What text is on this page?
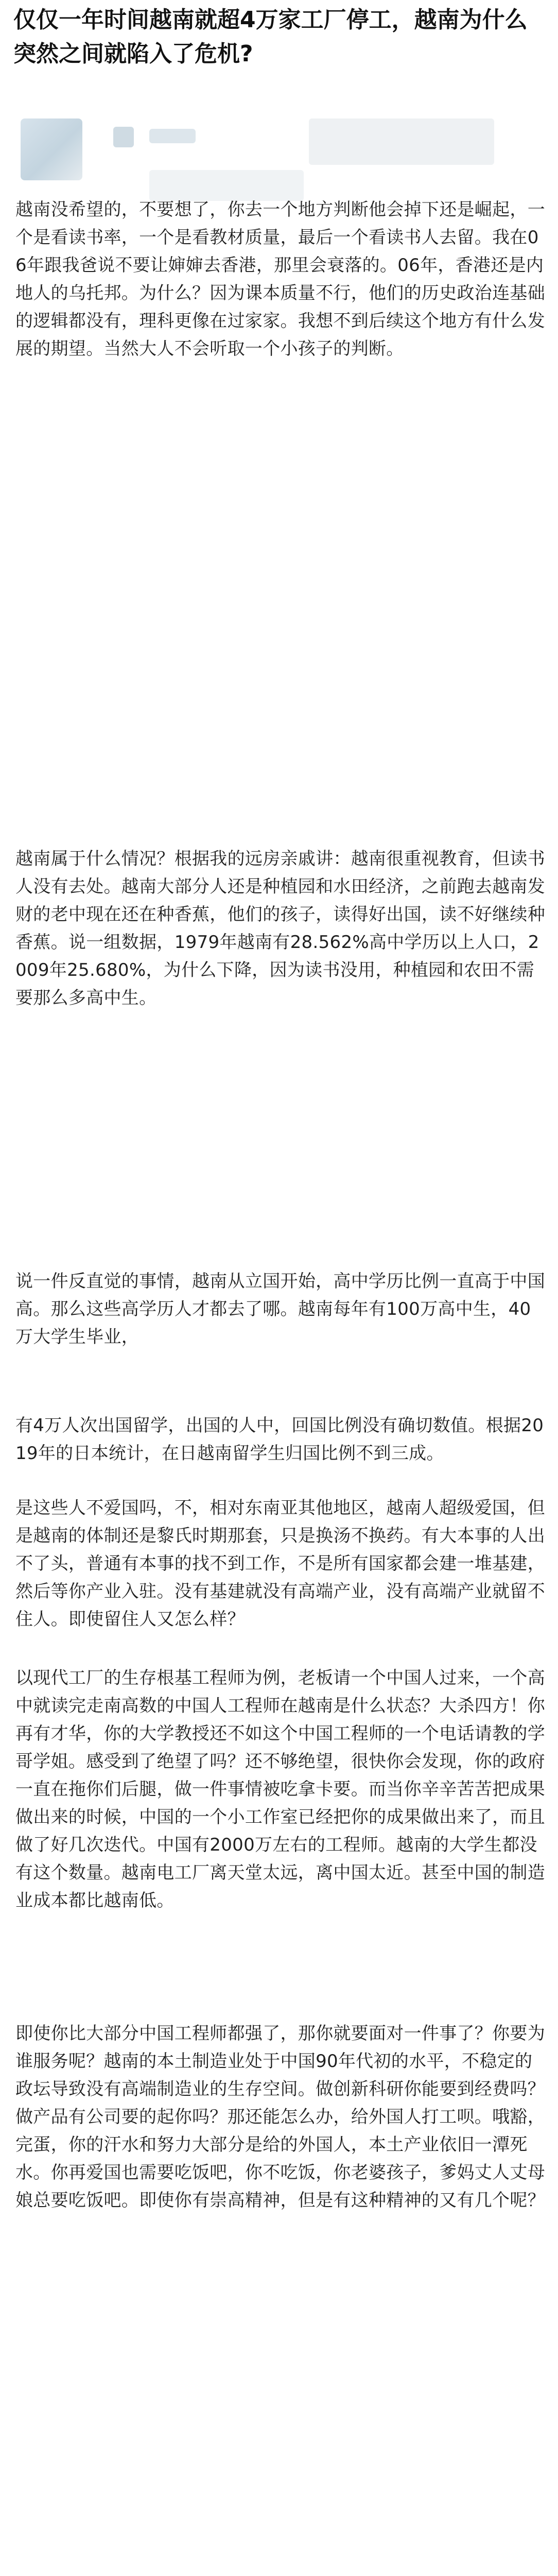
仅仅一年时间越南就超4万家工厂停工，越南为什么突然之间就陷入了危机?

越南没希望的，不要想了，你去一个地方判断他会掉下还是崛起，一个是看读书率，一个是看教材质量，最后一个看读书人去留。我在06年跟我爸说不要让婶婶去香港，那里会衰落的。06年，香港还是内地人的乌托邦。为什么？因为课本质量不行，他们的历史政治连基础的逻辑都没有，理科更像在过家家。我想不到后续这个地方有什么发展的期望。当然大人不会听取一个小孩子的判断。

越南属于什么情况？根据我的远房亲戚讲：越南很重视教育，但读书人没有去处。越南大部分人还是种植园和水田经济，之前跑去越南发财的老中现在还在种香蕉，他们的孩子，读得好出国，读不好继续种香蕉。说一组数据，1979年越南有28.562%高中学历以上人口，2009年25.680%，为什么下降，因为读书没用，种植园和农田不需要那么多高中生。

说一件反直觉的事情，越南从立国开始，高中学历比例一直高于中国高。那么这些高学历人才都去了哪。越南每年有100万高中生，40万大学生毕业，

有4万人次出国留学，出国的人中，回国比例没有确切数值。根据2019年的日本统计，在日越南留学生归国比例不到三成。

是这些人不爱国吗，不，相对东南亚其他地区，越南人超级爱国，但是越南的体制还是黎氏时期那套，只是换汤不换药。有大本事的人出不了头，普通有本事的找不到工作，不是所有国家都会建一堆基建，然后等你产业入驻。没有基建就没有高端产业，没有高端产业就留不住人。即使留住人又怎么样？

以现代工厂的生存根基工程师为例，老板请一个中国人过来，一个高中就读完走南高数的中国人工程师在越南是什么状态？大杀四方！你再有才华，你的大学教授还不如这个中国工程师的一个电话请教的学哥学姐。感受到了绝望了吗？还不够绝望，很快你会发现，你的政府一直在拖你们后腿，做一件事情被吃拿卡要。而当你辛辛苦苦把成果做出来的时候，中国的一个小工作室已经把你的成果做出来了，而且做了好几次迭代。中国有2000万左右的工程师。越南的大学生都没有这个数量。越南电工厂离天堂太远，离中国太近。甚至中国的制造业成本都比越南低。

即使你比大部分中国工程师都强了，那你就要面对一件事了？你要为谁服务呢？越南的本土制造业处于中国90年代初的水平，不稳定的政坛导致没有高端制造业的生存空间。做创新科研你能要到经费吗？做产品有公司要的起你吗？那还能怎么办，给外国人打工呗。哦豁，完蛋，你的汗水和努力大部分是给的外国人，本土产业依旧一潭死水。你再爱国也需要吃饭吧，你不吃饭，你老婆孩子，爹妈丈人丈母娘总要吃饭吧。即使你有崇高精神，但是有这种精神的又有几个呢？
